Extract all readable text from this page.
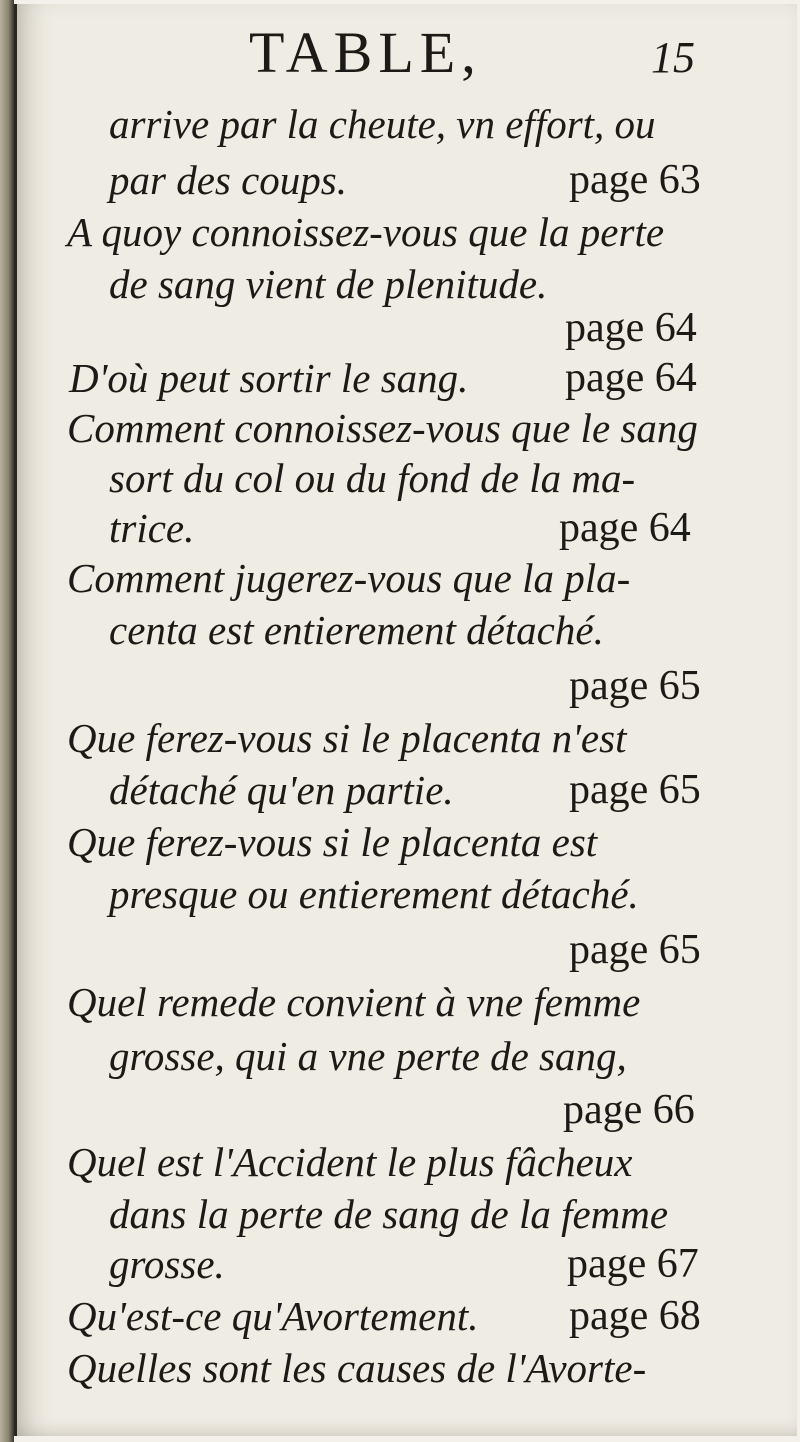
TABLE,	15
arrive par la cheute, vn effort, ou
par des coups.	page 63
A quoy connoissez-vous que la perte
de sang vient de plenitude.
page 64
D'où peut sortir le sang. page 64
Comment connoissez-vous que le sang
sort du col ou du fond de la ma-
trice.	page 64
Comment jugerez-vous que la pla-
centa est entierement détaché.
page 65
Que ferez-vous si le placenta n'est
détaché qu'en partie.	page 65
Que ferez-vous si le placenta est
presque ou entierement détaché.
page 65
Quel remede convient à vne femme
grosse, qui a vne perte de sang,
page 66
Quel est l'Accident le plus fâcheux
dans la perte de sang de la femme
grosse.	page 67
Qu'est-ce qu'Avortement. page 68
Quelles sont les causes de l'Avorte-
